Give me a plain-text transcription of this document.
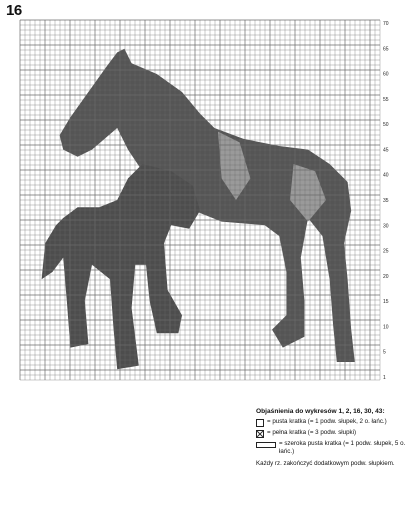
16
70
65
60
55
50
45
40
35
30
25
20
15
10
5
1
Objaśnienia do wykresów 1, 2, 16, 30, 43:
= pusta kratka (= 1 podw. słupek, 2 o. łańc.)
= pełna kratka (= 3 podw. słupki)
= szeroka pusta kratka (= 1 podw. słupek, 5 o. łańc.)
Każdy rz. zakończyć dodatkowym podw. słupkiem.
